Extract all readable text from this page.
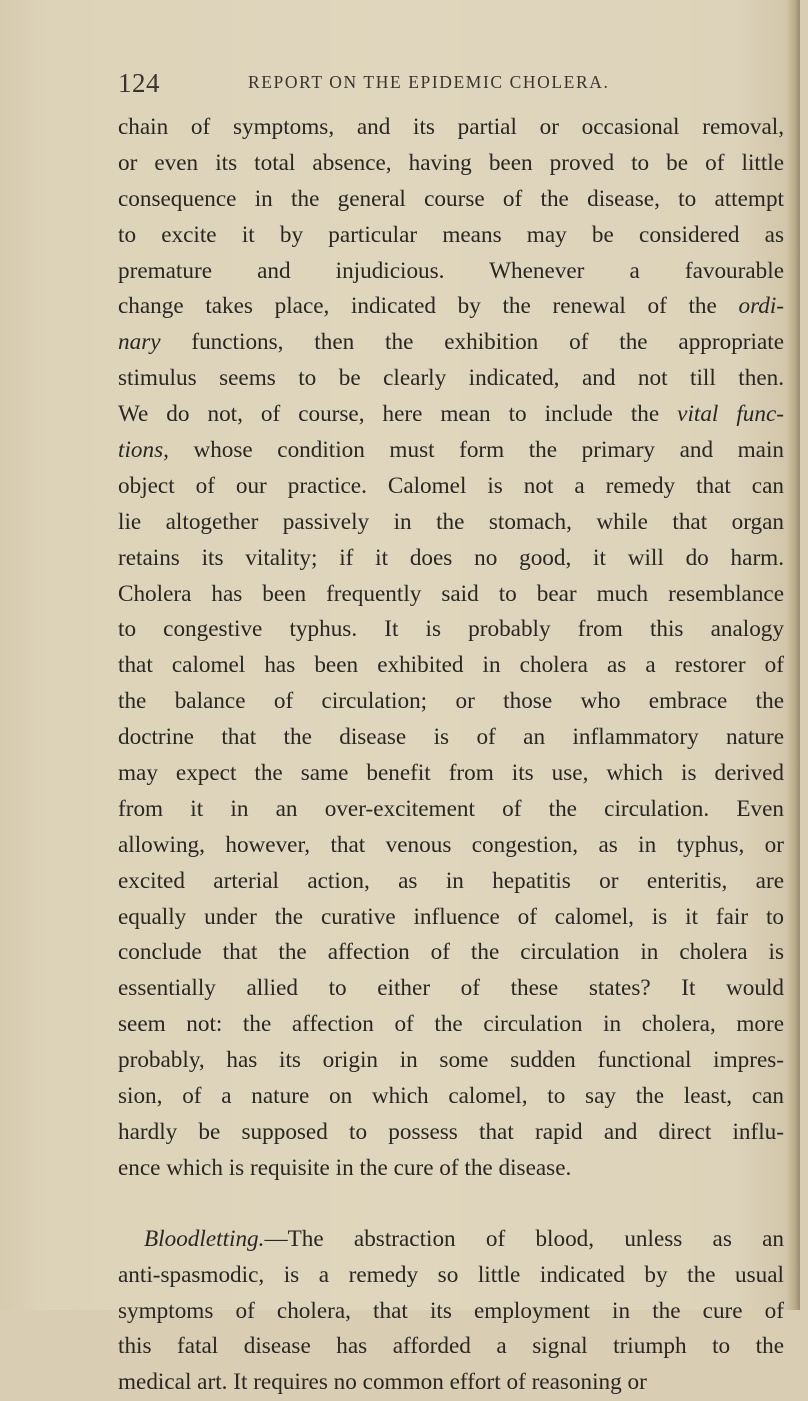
124	REPORT ON THE EPIDEMIC CHOLERA.
chain of symptoms, and its partial or occasional removal,
or even its total absence, having been proved to be of little
consequence in the general course of the disease, to attempt
to excite it by particular means may be considered as
premature and injudicious. Whenever a favourable
change takes place, indicated by the renewal of the ordi-
nary functions, then the exhibition of the appropriate
stimulus seems to be clearly indicated, and not till then.
We do not, of course, here mean to include the vital func-
tions, whose condition must form the primary and main
object of our practice. Calomel is not a remedy that can
lie altogether passively in the stomach, while that organ
retains its vitality; if it does no good, it will do harm.
Cholera has been frequently said to bear much resemblance
to congestive typhus. It is probably from this analogy
that calomel has been exhibited in cholera as a restorer of
the balance of circulation; or those who embrace the
doctrine that the disease is of an inflammatory nature
may expect the same benefit from its use, which is derived
from it in an over-excitement of the circulation. Even
allowing, however, that venous congestion, as in typhus, or
excited arterial action, as in hepatitis or enteritis, are
equally under the curative influence of calomel, is it fair to
conclude that the affection of the circulation in cholera is
essentially allied to either of these states? It would
seem not: the affection of the circulation in cholera, more
probably, has its origin in some sudden functional impres-
sion, of a nature on which calomel, to say the least, can
hardly be supposed to possess that rapid and direct influ-
ence which is requisite in the cure of the disease.
Bloodletting.—The abstraction of blood, unless as an
anti-spasmodic, is a remedy so little indicated by the usual
symptoms of cholera, that its employment in the cure of
this fatal disease has afforded a signal triumph to the
medical art. It requires no common effort of reasoning or
